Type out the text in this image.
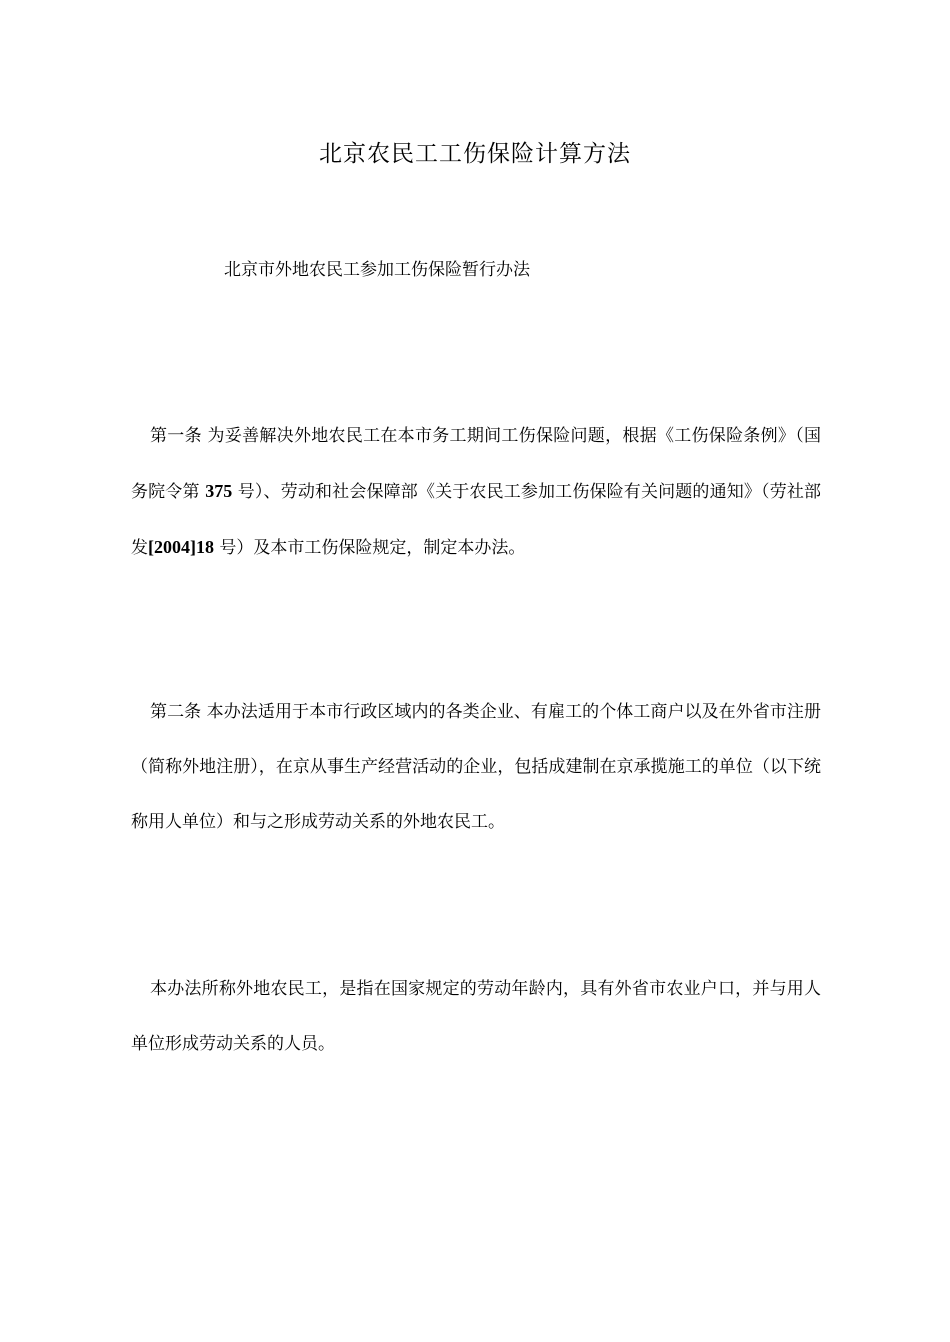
北京农民工工伤保险计算方法
北京市外地农民工参加工伤保险暂行办法

第一条 为妥善解决外地农民工在本市务工期间工伤保险问题，根据《工伤保险条例》（国务院令第 375 号）、劳动和社会保障部《关于农民工参加工伤保险有关问题的通知》（劳社部发[2004]18 号）及本市工伤保险规定，制定本办法。

第二条 本办法适用于本市行政区域内的各类企业、有雇工的个体工商户以及在外省市注册（简称外地注册），在京从事生产经营活动的企业，包括成建制在京承揽施工的单位（以下统称用人单位）和与之形成劳动关系的外地农民工。

本办法所称外地农民工，是指在国家规定的劳动年龄内，具有外省市农业户口，并与用人单位形成劳动关系的人员。
